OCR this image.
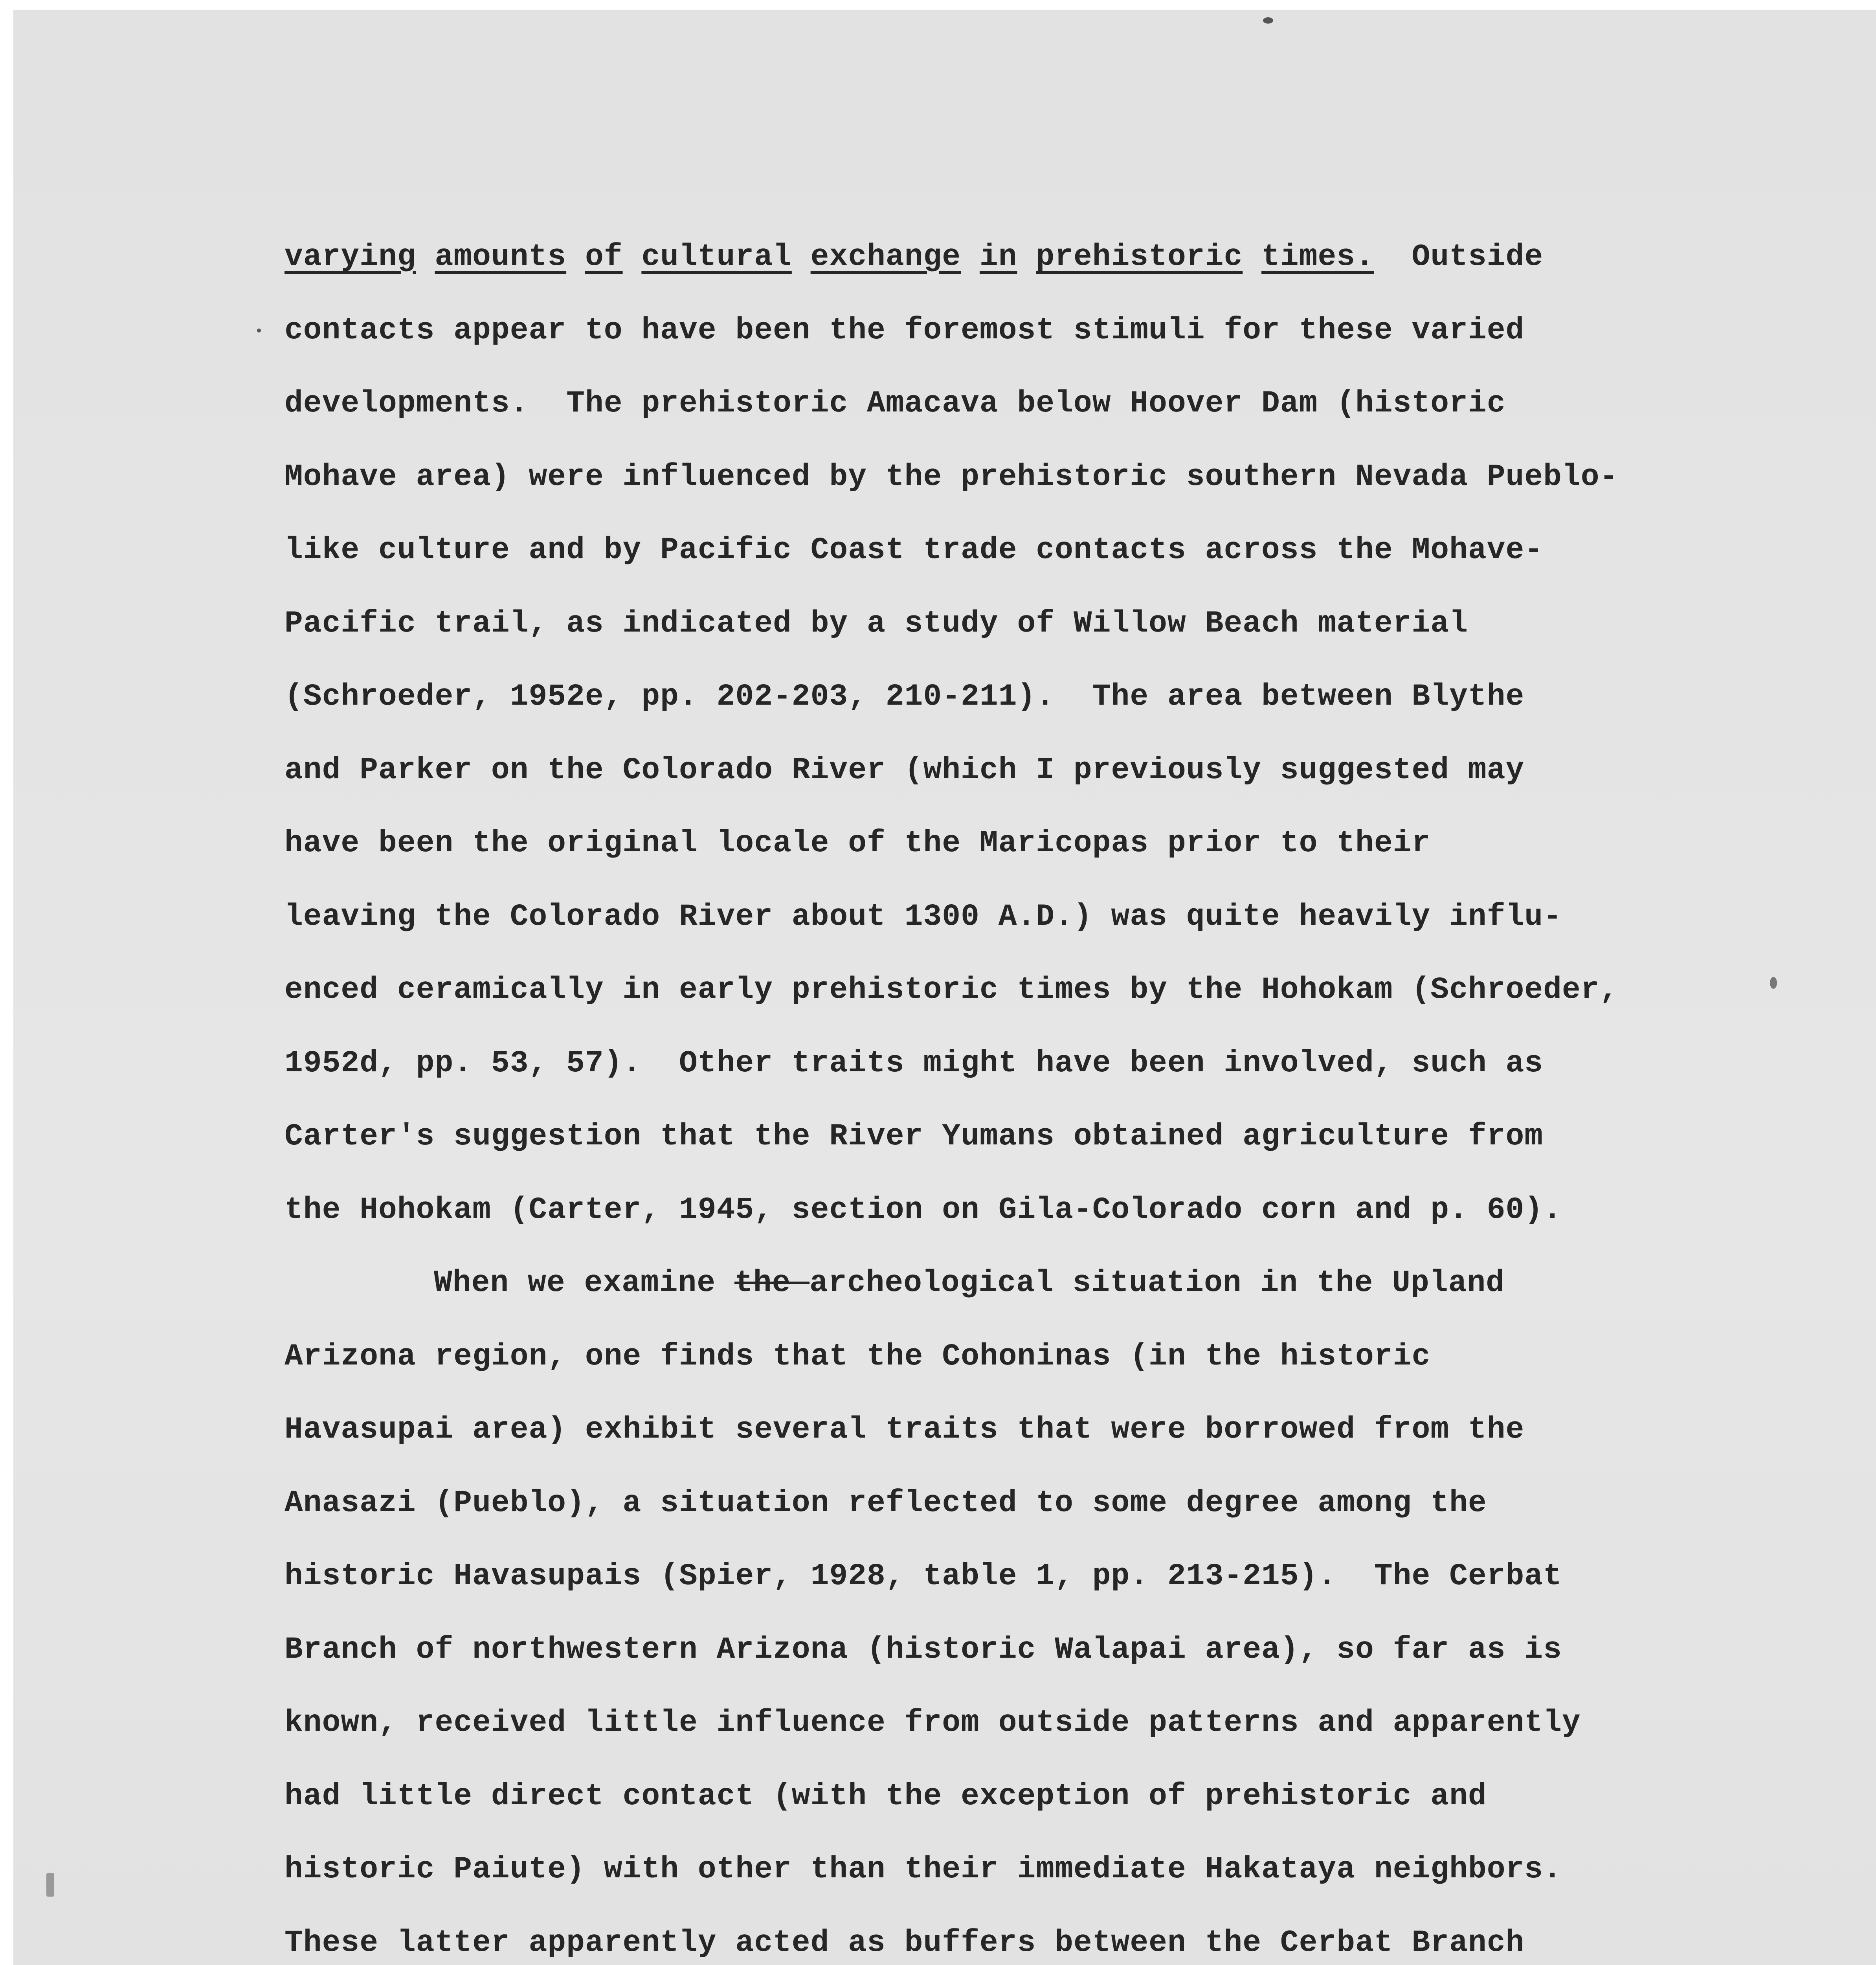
varying amounts of cultural exchange in prehistoric times.  Outside
contacts appear to have been the foremost stimuli for these varied
developments.  The prehistoric Amacava below Hoover Dam (historic
Mohave area) were influenced by the prehistoric southern Nevada Pueblo-
like culture and by Pacific Coast trade contacts across the Mohave-
Pacific trail, as indicated by a study of Willow Beach material
(Schroeder, 1952e, pp. 202-203, 210-211).  The area between Blythe
and Parker on the Colorado River (which I previously suggested may
have been the original locale of the Maricopas prior to their
leaving the Colorado River about 1300 A.D.) was quite heavily influ-
enced ceramically in early prehistoric times by the Hohokam (Schroeder,
1952d, pp. 53, 57).  Other traits might have been involved, such as
Carter's suggestion that the River Yumans obtained agriculture from
the Hohokam (Carter, 1945, section on Gila-Colorado corn and p. 60).
When we examine the archeological situation in the Upland
Arizona region, one finds that the Cohoninas (in the historic
Havasupai area) exhibit several traits that were borrowed from the
Anasazi (Pueblo), a situation reflected to some degree among the
historic Havasupais (Spier, 1928, table 1, pp. 213-215).  The Cerbat
Branch of northwestern Arizona (historic Walapai area), so far as is
known, received little influence from outside patterns and apparently
had little direct contact (with the exception of prehistoric and
historic Paiute) with other than their immediate Hakataya neighbors.
These latter apparently acted as buffers between the Cerbat Branch
